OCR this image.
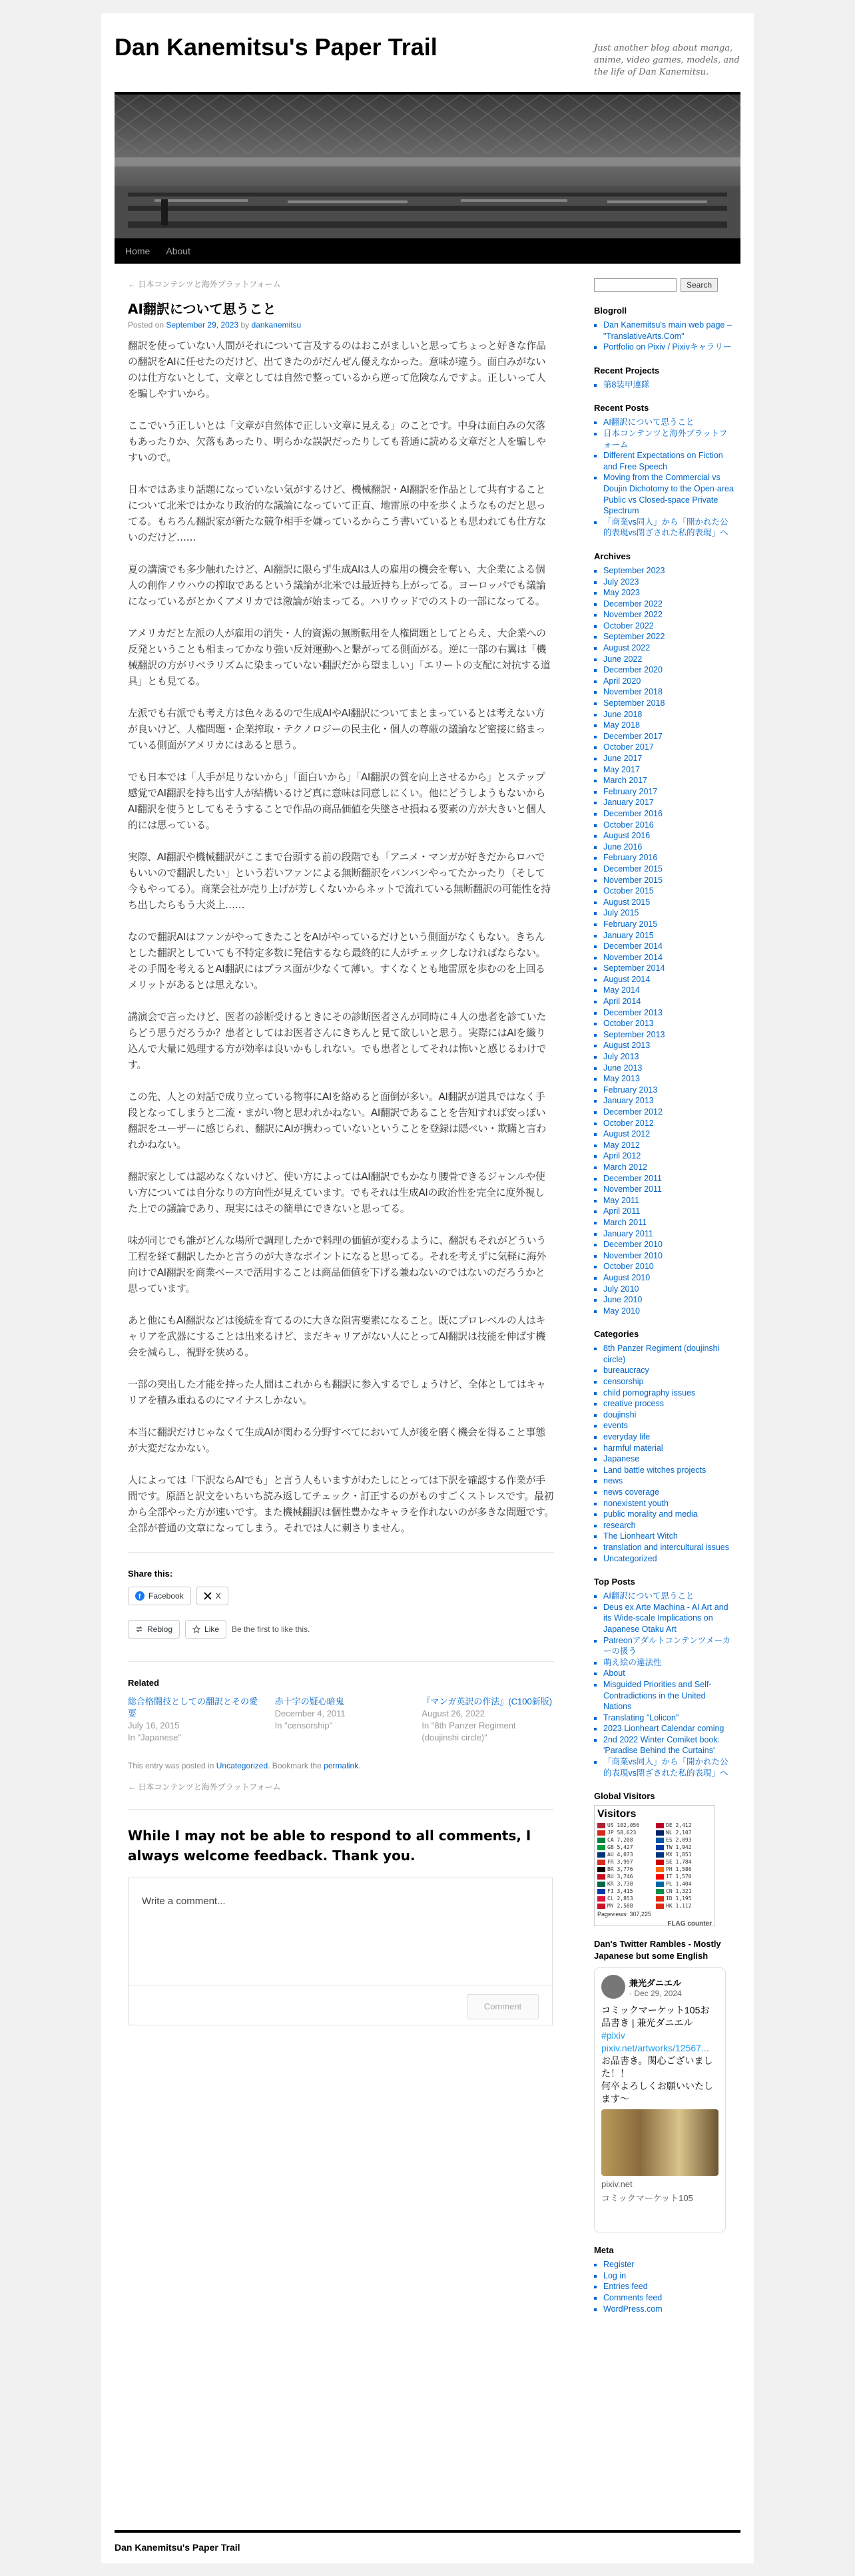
Dan Kanemitsu's Paper Trail	Just another blog about manga, anime, video games, models, and the life of Dan Kanemitsu.
Home About
← 日本コンテンツと海外プラットフォーム
AI翻訳について思うこと
Posted on September 29, 2023 by dankanemitsu

翻訳を使っていない人間がそれについて言及するのはおこがましいと思ってちょっと好きな作品の翻訳をAIに任せたのだけど、出てきたのがだんぜん優えなかった。意味が違う。面白みがないのは仕方ないとして、文章としては自然で整っているから逆って危険なんですよ。正しいって人を騙しやすいから。

ここでいう正しいとは「文章が自然体で正しい文章に見える」のことです。中身は面白みの欠落もあったりか、欠落もあったり、明らかな誤訳だったりしても普通に読める文章だと人を騙しやすいので。

日本ではあまり話題になっていない気がするけど、機械翻訳・AI翻訳を作品として共有することについて北米ではかなり政治的な議論になっていて正直、地雷原の中を歩くようなものだと思ってる。もちろん翻訳家が新たな競争相手を嫌っているからこう書いているとも思われても仕方ないのだけど……

夏の講演でも多少触れたけど、AI翻訳に限らず生成AIは人の雇用の機会を奪い、大企業による個人の創作ノウハウの搾取であるという議論が北米では最近持ち上がってる。ヨーロッパでも議論になっているがとかくアメリカでは激論が始まってる。ハリウッドでのストの一部になってる。

アメリカだと左派の人が雇用の消失・人的資源の無断転用を人権問題としてとらえ、大企業への反発ということも相まってかなり強い反対運動へと繋がってる側面がる。逆に一部の右翼は「機械翻訳の方がリベラリズムに染まっていない翻訳だから望ましい」「エリートの支配に対抗する道具」とも見てる。

左派でも右派でも考え方は色々あるので生成AIやAI翻訳についてまとまっているとは考えない方が良いけど、人権問題・企業搾取・テクノロジーの民主化・個人の尊厳の議論など密接に絡まっている側面がアメリカにはあると思う。

でも日本では「人手が足りないから」「面白いから」「AI翻訳の質を向上させるから」とステップ感覚でAI翻訳を持ち出す人が結構いるけど真に意味は同意しにくい。他にどうしようもないからAI翻訳を使うとしてもそうすることで作品の商品価値を失墜させ損ねる要素の方が大きいと個人的には思っている。

実際、AI翻訳や機械翻訳がここまで台頭する前の段階でも「アニメ・マンガが好きだからロハでもいいので翻訳したい」という若いファンによる無断翻訳をバンバンやってたかったり（そして今もやってる）。商業会社が売り上げが芳しくないからネットで流れている無断翻訳の可能性を持ち出したらもう大炎上……

なので翻訳AIはファンがやってきたことをAIがやっているだけという側面がなくもない。きちんとした翻訳としていても不特定多数に発信するなら最終的に人がチェックしなければならない。その手間を考えるとAI翻訳にはプラス面が少なくて薄い。すくなくとも地雷原を歩むのを上回るメリットがあるとは思えない。

講演会で言ったけど、医者の診断受けるときにその診断医者さんが同時に４人の患者を診ていたらどう思うだろうか？患者としてはお医者さんにきちんと見て欲しいと思う。実際にはAIを織り込んで大量に処理する方が効率は良いかもしれない。でも患者としてそれは怖いと感じるわけです。

この先、人との対話で成り立っている物事にAIを絡めると面倒が多い。AI翻訳が道具ではなく手段となってしまうと二流・まがい物と思われかねない。AI翻訳であることを告知すれば安っぽい翻訳をユーザーに感じられ、翻訳にAIが携わっていないということを登録は隠ぺい・欺瞞と言われかねない。

翻訳家としては認めなくないけど、使い方によってはAI翻訳でもかなり腰骨できるジャンルや使い方については自分なりの方向性が見えています。でもそれは生成AIの政治性を完全に度外視した上での議論であり、現実にはその簡単にできないと思ってる。

味が同じでも誰がどんな場所で調理したかで料理の価値が変わるように、翻訳もそれがどういう工程を経て翻訳したかと言うのが大きなポイントになると思ってる。それを考えずに気軽に海外向けでAI翻訳を商業ベースで活用することは商品価値を下げる兼ねないのではないのだろうかと思っています。

あと他にもAI翻訳などは後続を育てるのに大きな阻害要素になること。既にプロレベルの人はキャリアを武器にすることは出来るけど、まだキャリアがない人にとってAI翻訳は技能を伸ばす機会を減らし、視野を狭める。

一部の突出した才能を持った人間はこれからも翻訳に参入するでしょうけど、全体としてはキャリアを積み重ねるのにマイナスしかない。

本当に翻訳だけじゃなくて生成AIが関わる分野すべてにおいて人が後を磨く機会を得ること事態が大変だなかない。

人によっては「下訳ならAIでも」と言う人もいますがわたしにとっては下訳を確認する作業が手間です。原語と訳文をいちいち読み返してチェック・訂正するのがものすごくストレスです。最初から全部やった方が速いです。また機械翻訳は個性豊かなキャラを作れないのが多きな問題です。全部が普通の文章になってしまう。それでは人に刺さりません。

Share this:
f Facebook	X
Reblog	Like Be the first to like this.
Related
総合格闘技としての翻訳とその愛要
July 16, 2015
In "Japanese"
赤十字の疑心暗鬼
December 4, 2011
In "censorship"
『マンガ英訳の作法』(C100新版)
August 26, 2022
In "8th Panzer Regiment (doujinshi circle)"
This entry was posted in Uncategorized. Bookmark the permalink.
← 日本コンテンツと海外プラットフォーム
While I may not be able to respond to all comments, I always welcome feedback. Thank you.
Write a comment...
Comment
Search
Blogroll
▪ Dan Kanemitsu's main web page – "TranslativeArts.Com"
▪ Portfolio on Pixiv / Pixivキャラリー
Recent Projects
▪ 第8装甲連隊
Recent Posts
▪ AI翻訳について思うこと
▪ 日本コンテンツと海外プラットフォーム
▪ Different Expectations on Fiction and Free Speech
▪ Moving from the Commercial vs Doujin Dichotomy to the Open-area Public vs Closed-space Private Spectrum
▪ 「商業vs同人」から「開かれた公的表現vs閉ざされた私的表現」へ
Archives
▪ September 2023
▪ July 2023
▪ May 2023
▪ December 2022
▪ November 2022
▪ October 2022
▪ September 2022
▪ August 2022
▪ June 2022
▪ December 2020
▪ April 2020
▪ November 2018
▪ September 2018
▪ June 2018
▪ May 2018
▪ December 2017
▪ October 2017
▪ June 2017
▪ May 2017
▪ March 2017
▪ February 2017
▪ January 2017
▪ December 2016
▪ October 2016
▪ August 2016
▪ June 2016
▪ February 2016
▪ December 2015
▪ November 2015
▪ October 2015
▪ August 2015
▪ July 2015
▪ February 2015
▪ January 2015
▪ December 2014
▪ November 2014
▪ September 2014
▪ August 2014
▪ May 2014
▪ April 2014
▪ December 2013
▪ October 2013
▪ September 2013
▪ August 2013
▪ July 2013
▪ June 2013
▪ May 2013
▪ February 2013
▪ January 2013
▪ December 2012
▪ October 2012
▪ August 2012
▪ May 2012
▪ April 2012
▪ March 2012
▪ December 2011
▪ November 2011
▪ May 2011
▪ April 2011
▪ March 2011
▪ January 2011
▪ December 2010
▪ November 2010
▪ October 2010
▪ August 2010
▪ July 2010
▪ June 2010
▪ May 2010
Categories
▪ 8th Panzer Regiment (doujinshi circle)
▪ bureaucracy
▪ censorship
▪ child pornography issues
▪ creative process
▪ doujinshi
▪ events
▪ everyday life
▪ harmful material
▪ Japanese
▪ Land battle witches projects
▪ news
▪ news coverage
▪ nonexistent youth
▪ public morality and media
▪ research
▪ The Lionheart Witch
▪ translation and intercultural issues
▪ Uncategorized
Top Posts
▪ AI翻訳について思うこと
▪ Deus ex Arte Machina - AI Art and its Wide-scale Implications on Japanese Otaku Art
▪ Patreonアダルトコンテンツメーカーの扱う
▪ 萌え絵の違法性
▪ About
▪ Misguided Priorities and Self-Contradictions in the United Nations
▪ Translating "Lolicon"
▪ 2023 Lionheart Calendar coming
▪ 2nd 2022 Winter Comiket book: 'Paradise Behind the Curtains'
▪ 「商業vs同人」から「開かれた公的表現vs閉ざされた私的表現」へ
Global Visitors
Visitors
US 102,056	DE 2,412
JP 58,623	NL 2,107
CA 7,208	ES 2,093
GB 5,427	TW 1,942
AU 4,073	MX 1,851
FR 3,997	SE 1,784
BR 3,776	PH 1,586
RU 3,746	IT 1,570
KR 3,738	PL 1,404
FI 3,415	CN 1,321
CL 2,853	ID 1,195
MY 2,588	HK 1,112
Pageviews: 307,225
FLAG counter
Dan's Twitter Rambles - Mostly Japanese but some English
兼光ダニエル
· Dec 29, 2024
コミックマーケット105お品書き | 兼光ダニエル
#pixiv
pixiv.net/artworks/12567...
お品書き。関心ございました！！
何卒よろしくお願いいたします〜
pixiv.net
コミックマーケット105
Meta
▪ Register
▪ Log in
▪ Entries feed
▪ Comments feed
▪ WordPress.com
Dan Kanemitsu's Paper Trail
